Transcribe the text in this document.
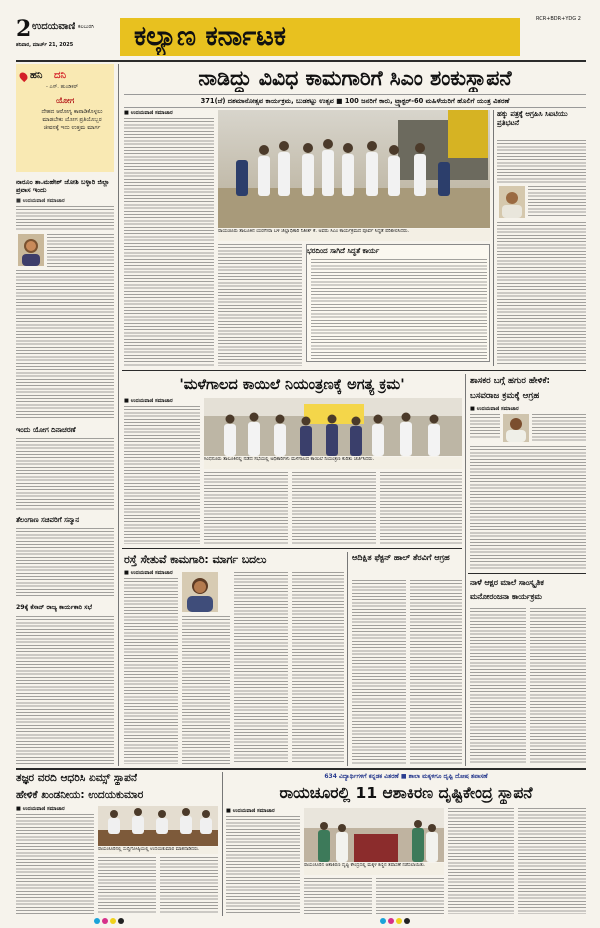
2 ಉದಯವಾಣಿ ಕಲಬುರಗಿ
ಶನಿವಾರ, ಮಾರ್ಚ್ 21, 2025 ಕಲ್ಯಾಣ ಕರ್ನಾಟಕ
RCR+BDR+YDG 2
ಹನಿ ದನಿ
- ಎಸ್. ಹುಂಡಿಕರ್
ಯೋಗ
ದೇಹದ ಆರೋಗ್ಯ ಕಾಪಾಡಿಕೊಳ್ಳಲು ಮಾಡಬೇಕು ಯೋಗ ಪ್ರತಿಯೊಬ್ಬರ ಜೀವನಕ್ಕೆ ಇದು ಉತ್ತಮ ಮಾರ್ಗ
ನಾರೂಂ ತಾ.ಮಹೇಶ್ ಜೋಶಿ ಬಳ್ಳಾರಿ ಜಿಲ್ಲಾ ಪ್ರವಾಸ ಇಂದು
■ ಉದಯವಾಣಿ ಸಮಾಚಾರ
ಇಂದು ಯೋಗ ದಿನಾಚರಣೆ
ತೆಲಂಗಾಣ ಸಚಿವರಿಗೆ ಸನ್ಮಾನ
29ಕ್ಕೆ ಕೆಸಾನ್ ರಾಜ್ಯ ಕಾರ್ಯಕಾರಿ ಸಭೆ
ನಾಡಿದ್ದು ವಿವಿಧ ಕಾಮಗಾರಿಗೆ ಸಿಎಂ ಶಂಕುಸ್ಥಾಪನೆ
371(ಜೆ) ದಶಮಾನೋತ್ಸವ ಕಾರ್ಯಕ್ರಮ, ಬುಡಕಟ್ಟು ಉತ್ಸವ ■ 100 ಜನರಿಗೆ ಕಾರು, ಟ್ರ್ಯಾಕ್ಟರ್-60 ಮಹಿಳೆಯರಿಗೆ ಹೊಲಿಗೆ ಯಂತ್ರ ವಿತರಣೆ
■ ಉದಯವಾಣಿ ಸಮಾಚಾರ
ರಾಯಚೂರು ತಾಲೂಕಿನ ಯರಗೇರಾ ಬಳಿ ಜಿಲ್ಲಾಧಿಕಾರಿ ನಿತೀಶ್ ಕೆ. ಅವರು ಸಿಎಂ ಕಾರ್ಯಕ್ರಮದ ಪೂರ್ವ ಸಿದ್ಧತೆ ಪರಿಶೀಲಿಸಿದರು.
ಭರದಿಂದ ಸಾಗಿದೆ ಸಿದ್ಧತೆ ಕಾರ್ಯ
ಹಕ್ಕು ಪತ್ರಕ್ಕೆ ಆಗ್ರಹಿಸಿ ಸಿಐಟಿಯು ಪ್ರತಿಭಟನೆ
'ಮಳೆಗಾಲದ ಕಾಯಿಲೆ ನಿಯಂತ್ರಣಕ್ಕೆ ಅಗತ್ಯ ಕ್ರಮ'
■ ಉದಯವಾಣಿ ಸಮಾಚಾರ
ಸಿಂಧನೂರು ತಾಲೂಕಿನಲ್ಲಿ ನಡೆದ ಸಭೆಯಲ್ಲಿ ಅಧಿಕಾರಿಗಳು ಮಳೆಗಾಲದ ಕಾಯಿಲೆ ನಿಯಂತ್ರಣ ಕುರಿತು ಚರ್ಚಿಸಿದರು.
ಶಾಸಕರ ಬಗ್ಗೆ ಹಗುರ ಹೇಳಿಕೆ:
ಬಸವರಾಜ ಕ್ರಮಕ್ಕೆ ಆಗ್ರಹ
■ ಉದಯವಾಣಿ ಸಮಾಚಾರ
ನಾಳೆ ಆಕ್ಷರ ಮಾಲೆ ಸಾಂಸ್ಕೃತಿಕ
ಮನೋರಂಜನಾ ಕಾರ್ಯಕ್ರಮ
ರಸ್ತೆ ಸೇತುವೆ ಕಾಮಗಾರಿ: ಮಾರ್ಗ ಬದಲು
■ ಉದಯವಾಣಿ ಸಮಾಚಾರ
ಆದಿಕ್ಷಿತ ಫೆಕ್ಟನ್ ಹಾಲ್ ತೆರವಿಗೆ ಆಗ್ರಹ
ತಜ್ಞರ ವರದಿ ಆಧರಿಸಿ ಏಮ್ಸ್ ಸ್ಥಾಪನೆ
ಹೇಳಿಕೆ ಖಂಡನೀಯ: ಉದಯಕುಮಾರ
■ ಉದಯವಾಣಿ ಸಮಾಚಾರ
ರಾಯಚೂರಿನಲ್ಲಿ ಸುದ್ದಿಗೋಷ್ಠಿಯಲ್ಲಿ ಉದಯಕುಮಾರ ಮಾತನಾಡಿದರು.
634 ವಿದ್ಯಾರ್ಥಿಗಳಿಗೆ ಕನ್ನಡಕ ವಿತರಣೆ ■ ಶಾಲಾ ಮಕ್ಕಳಿಗೂ ದೃಷ್ಟಿ ದೋಷ ತಪಾಸಣೆ
ರಾಯಚೂರಲ್ಲಿ 11 ಆಶಾಕಿರಣ ದೃಷ್ಟಿಕೇಂದ್ರ ಸ್ಥಾಪನೆ
■ ಉದಯವಾಣಿ ಸಮಾಚಾರ
ರಾಯಚೂರಿನ ಆಶಾಕಿರಣ ದೃಷ್ಟಿ ಕೇಂದ್ರದಲ್ಲಿ ಮಕ್ಕಳ ಕಣ್ಣಿನ ತಪಾಸಣೆ ನಡೆಸಲಾಯಿತು.
